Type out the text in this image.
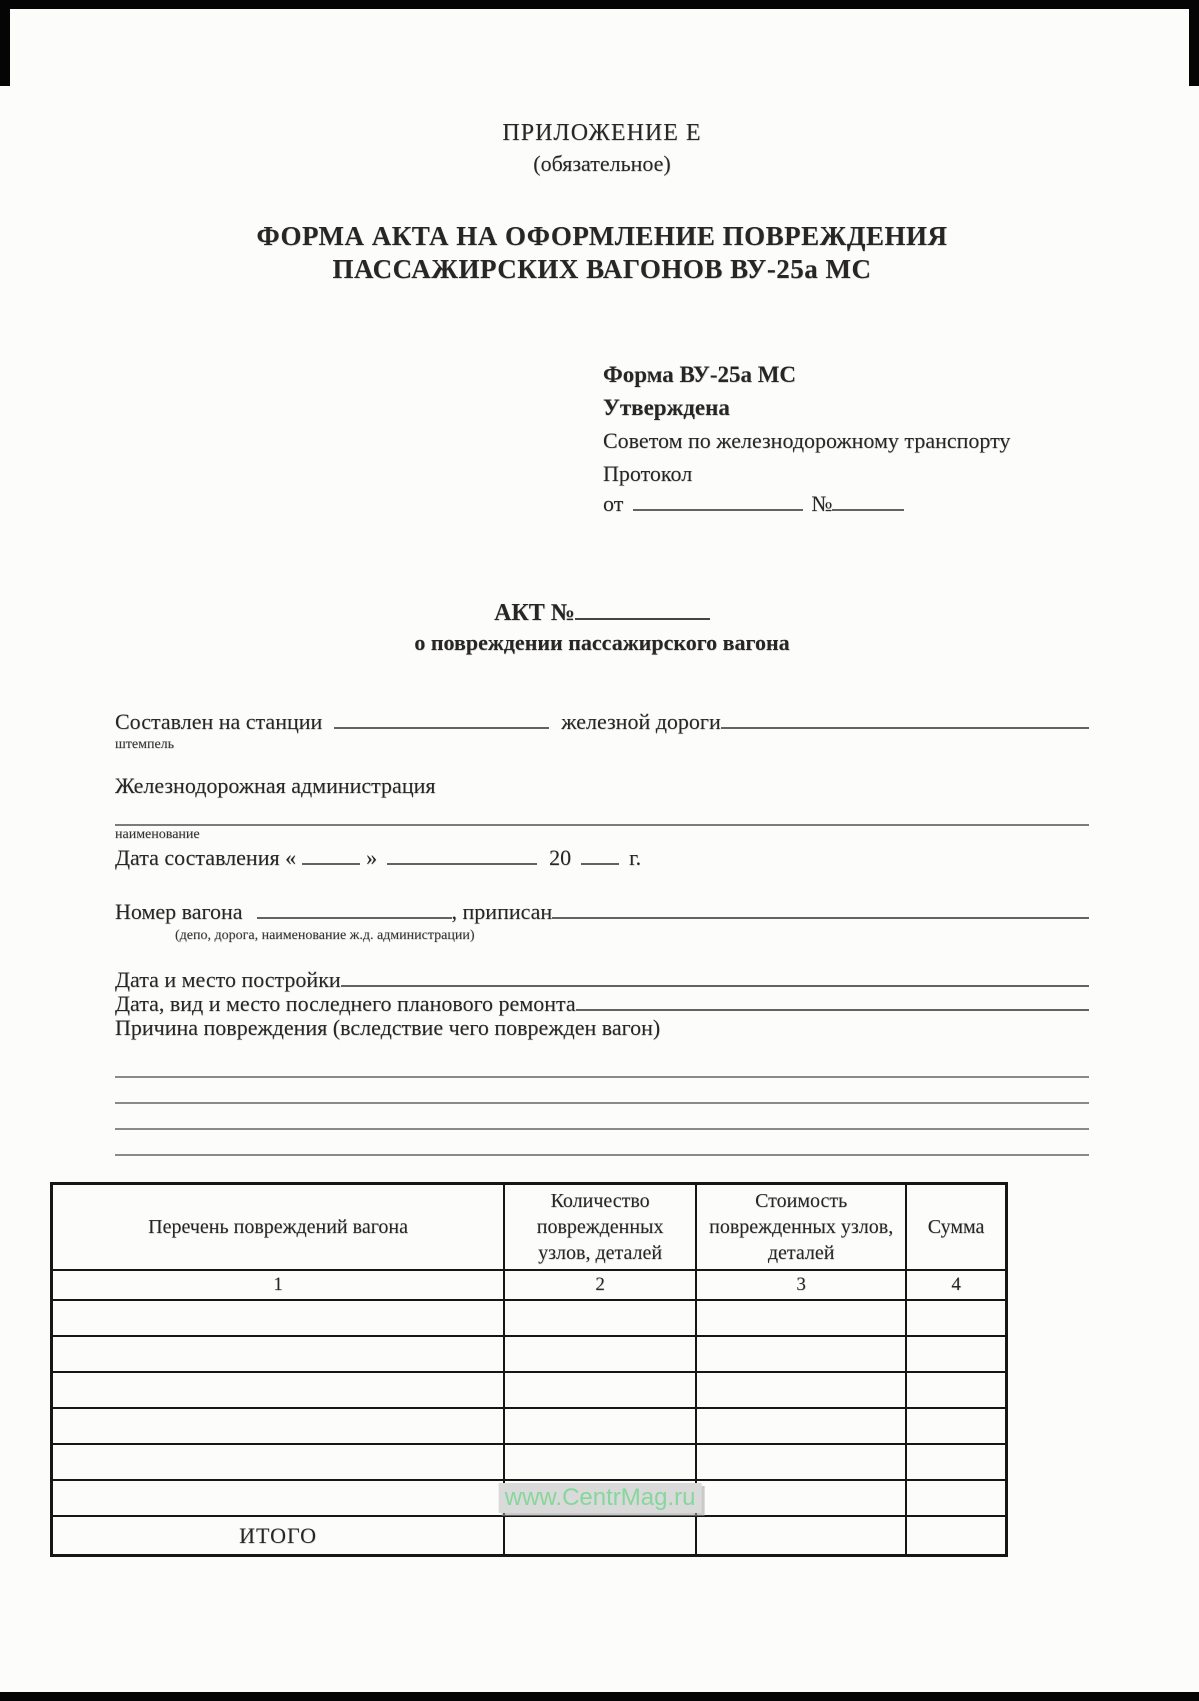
ПРИЛОЖЕНИЕ Е
(обязательное)
ФОРМА АКТА НА ОФОРМЛЕНИЕ ПОВРЕЖДЕНИЯ
ПАССАЖИРСКИХ ВАГОНОВ ВУ-25а МС
Форма ВУ-25а МС
Утверждена
Советом по железнодорожному транспорту
Протокол
от	№
АКТ №
о повреждении пассажирского вагона
Составлен на станции	железной дороги
штемпель
Железнодорожная администрация
наименование
Дата составления «	»	20	г.
Номер вагона	, приписан
(депо, дорога, наименование ж.д. администрации)
Дата и место постройки
Дата, вид и место последнего планового ремонта
Причина повреждения (вследствие чего поврежден вагон)
Перечень повреждений вагона	Количество поврежденных узлов, деталей	Стоимость поврежденных узлов, деталей	Сумма
1	2	3	4

	www.CentrMag.ru		

ИТОГО			
